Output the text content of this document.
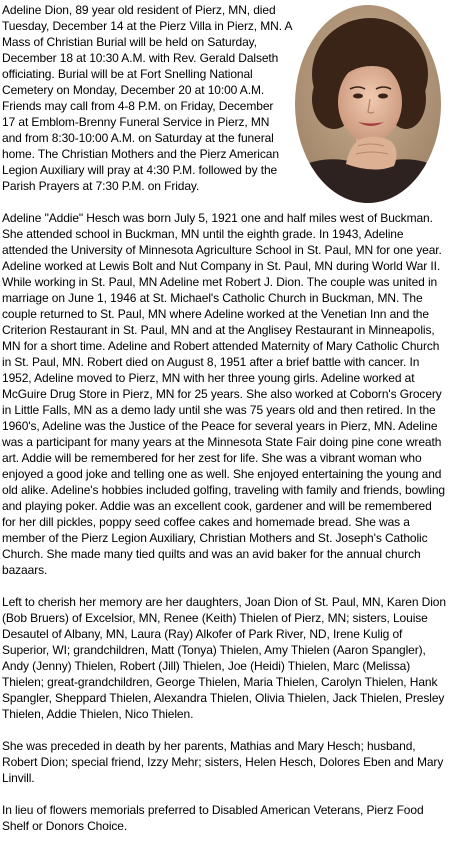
Adeline Dion, 89 year old resident of Pierz, MN, died Tuesday, December 14 at the Pierz Villa in Pierz, MN. A Mass of Christian Burial will be held on Saturday, December 18 at 10:30 A.M. with Rev. Gerald Dalseth officiating. Burial will be at Fort Snelling National Cemetery on Monday, December 20 at 10:00 A.M. Friends may call from 4-8 P.M. on Friday, December 17 at Emblom-Brenny Funeral Service in Pierz, MN and from 8:30-10:00 A.M. on Saturday at the funeral home. The Christian Mothers and the Pierz American Legion Auxiliary will pray at 4:30 P.M. followed by the Parish Prayers at 7:30 P.M. on Friday.

Adeline "Addie" Hesch was born July 5, 1921 one and half miles west of Buckman. She attended school in Buckman, MN until the eighth grade. In 1943, Adeline attended the University of Minnesota Agriculture School in St. Paul, MN for one year. Adeline worked at Lewis Bolt and Nut Company in St. Paul, MN during World War II. While working in St. Paul, MN Adeline met Robert J. Dion. The couple was united in marriage on June 1, 1946 at St. Michael's Catholic Church in Buckman, MN. The couple returned to St. Paul, MN where Adeline worked at the Venetian Inn and the Criterion Restaurant in St. Paul, MN and at the Anglisey Restaurant in Minneapolis, MN for a short time. Adeline and Robert attended Maternity of Mary Catholic Church in St. Paul, MN. Robert died on August 8, 1951 after a brief battle with cancer. In 1952, Adeline moved to Pierz, MN with her three young girls. Adeline worked at McGuire Drug Store in Pierz, MN for 25 years. She also worked at Coborn's Grocery in Little Falls, MN as a demo lady until she was 75 years old and then retired. In the 1960's, Adeline was the Justice of the Peace for several years in Pierz, MN. Adeline was a participant for many years at the Minnesota State Fair doing pine cone wreath art. Addie will be remembered for her zest for life. She was a vibrant woman who enjoyed a good joke and telling one as well. She enjoyed entertaining the young and old alike. Adeline's hobbies included golfing, traveling with family and friends, bowling and playing poker. Addie was an excellent cook, gardener and will be remembered for her dill pickles, poppy seed coffee cakes and homemade bread. She was a member of the Pierz Legion Auxiliary, Christian Mothers and St. Joseph's Catholic Church. She made many tied quilts and was an avid baker for the annual church bazaars.

Left to cherish her memory are her daughters, Joan Dion of St. Paul, MN, Karen Dion (Bob Bruers) of Excelsior, MN, Renee (Keith) Thielen of Pierz, MN; sisters, Louise Desautel of Albany, MN, Laura (Ray) Alkofer of Park River, ND, Irene Kulig of Superior, WI; grandchildren, Matt (Tonya) Thielen, Amy Thielen (Aaron Spangler), Andy (Jenny) Thielen, Robert (Jill) Thielen, Joe (Heidi) Thielen, Marc (Melissa) Thielen; great-grandchildren, George Thielen, Maria Thielen, Carolyn Thielen, Hank Spangler, Sheppard Thielen, Alexandra Thielen, Olivia Thielen, Jack Thielen, Presley Thielen, Addie Thielen, Nico Thielen.

She was preceded in death by her parents, Mathias and Mary Hesch; husband, Robert Dion; special friend, Izzy Mehr; sisters, Helen Hesch, Dolores Eben and Mary Linvill.

In lieu of flowers memorials preferred to Disabled American Veterans, Pierz Food Shelf or Donors Choice.
